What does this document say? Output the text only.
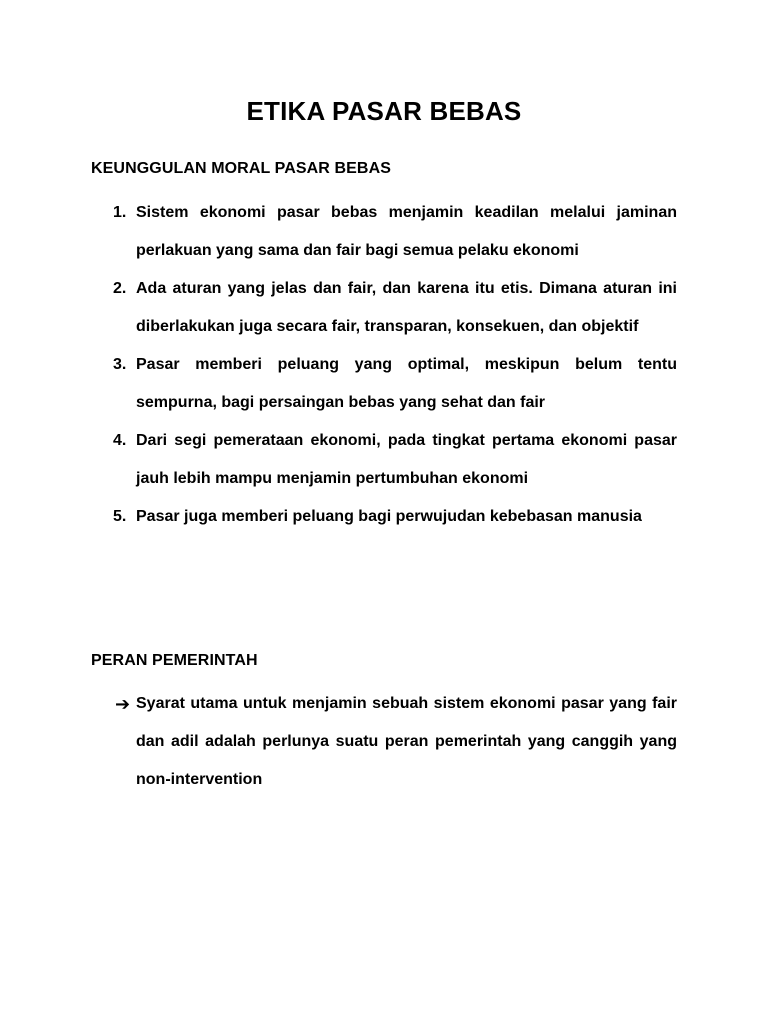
ETIKA PASAR BEBAS
KEUNGGULAN MORAL PASAR BEBAS
1. Sistem ekonomi pasar bebas menjamin keadilan melalui jaminan perlakuan yang sama dan fair bagi semua pelaku ekonomi
2. Ada aturan yang jelas dan fair, dan karena itu etis. Dimana aturan ini diberlakukan juga secara fair, transparan, konsekuen, dan objektif
3. Pasar memberi peluang yang optimal, meskipun belum tentu sempurna, bagi persaingan bebas yang sehat dan fair
4. Dari segi pemerataan ekonomi, pada tingkat pertama ekonomi pasar jauh lebih mampu menjamin pertumbuhan ekonomi
5. Pasar juga memberi peluang bagi perwujudan kebebasan manusia
PERAN PEMERINTAH
➔ Syarat utama untuk menjamin sebuah sistem ekonomi pasar yang fair dan adil adalah perlunya suatu peran pemerintah yang canggih yang non-intervention
